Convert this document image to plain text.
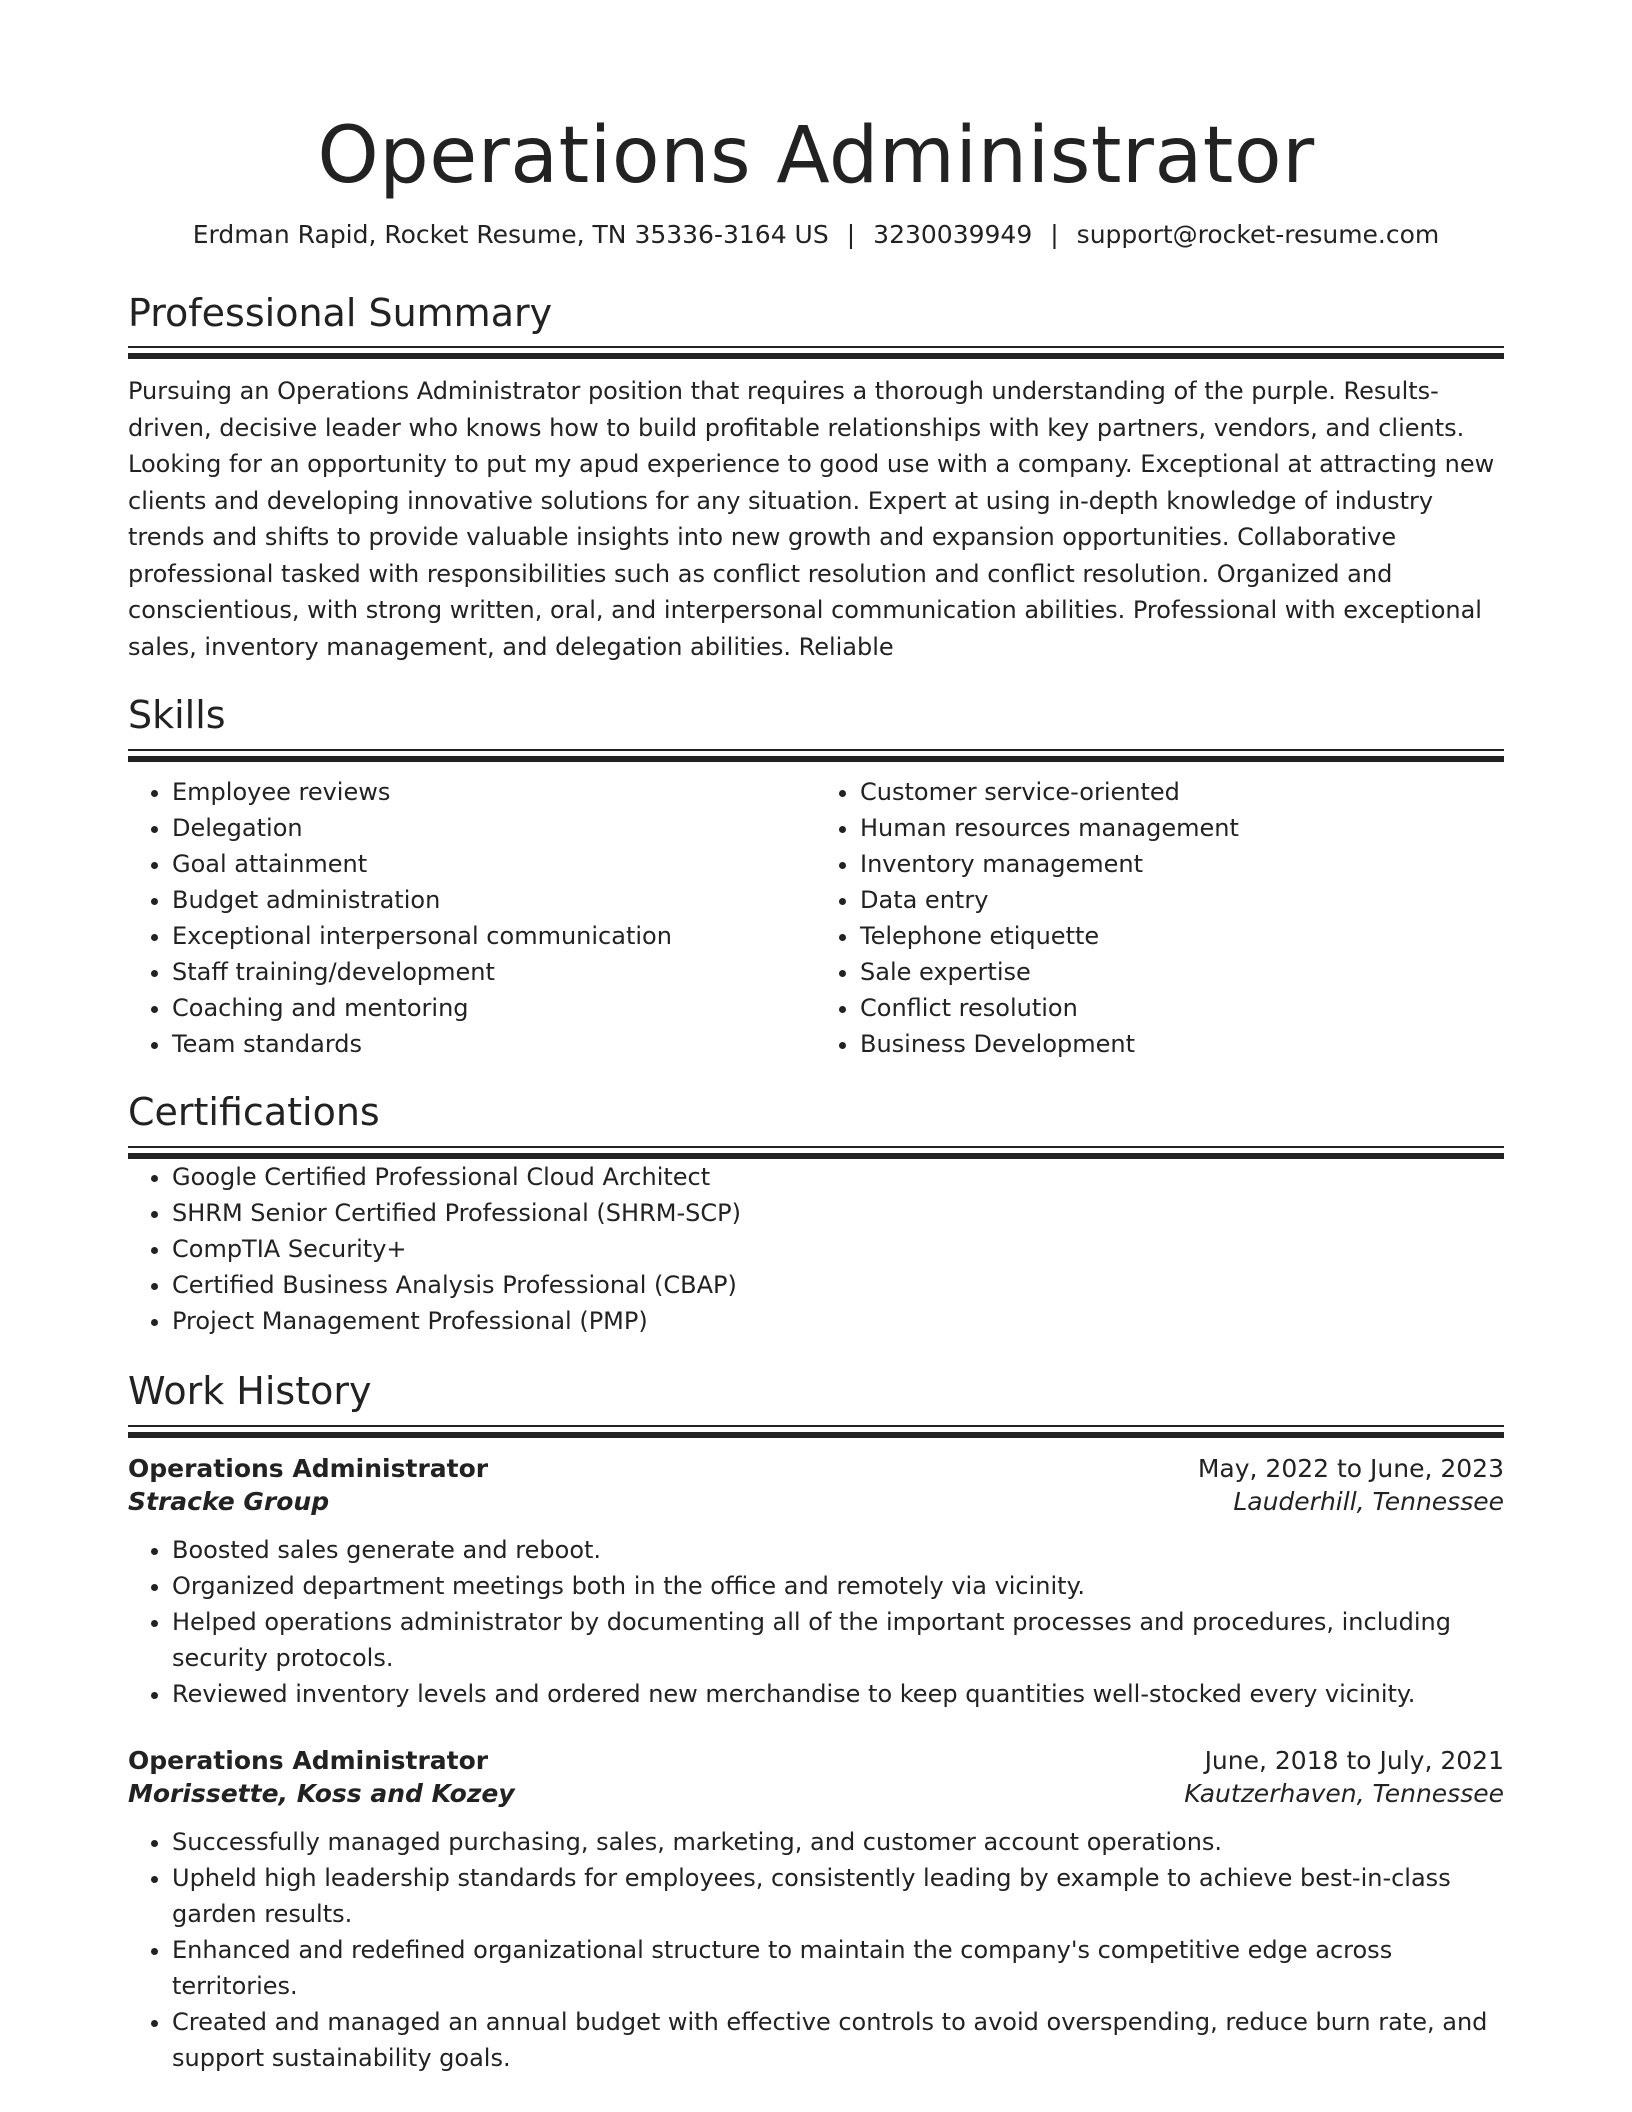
Operations Administrator
Erdman Rapid, Rocket Resume, TN 35336-3164 US | 3230039949 | support@rocket-resume.com
Professional Summary

Pursuing an Operations Administrator position that requires a thorough understanding of the purple. Results-driven, decisive leader who knows how to build profitable relationships with key partners, vendors, and clients. Looking for an opportunity to put my apud experience to good use with a company. Exceptional at attracting new clients and developing innovative solutions for any situation. Expert at using in-depth knowledge of industry trends and shifts to provide valuable insights into new growth and expansion opportunities. Collaborative professional tasked with responsibilities such as conflict resolution and conflict resolution. Organized and conscientious, with strong written, oral, and interpersonal communication abilities. Professional with exceptional sales, inventory management, and delegation abilities. Reliable

Skills
• Employee reviews
• Delegation
• Goal attainment
• Budget administration
• Exceptional interpersonal communication
• Staff training/development
• Coaching and mentoring
• Team standards
• Customer service-oriented
• Human resources management
• Inventory management
• Data entry
• Telephone etiquette
• Sale expertise
• Conflict resolution
• Business Development
Certifications
• Google Certified Professional Cloud Architect
• SHRM Senior Certified Professional (SHRM-SCP)
• CompTIA Security+
• Certified Business Analysis Professional (CBAP)
• Project Management Professional (PMP)
Work History
Operations Administrator	May, 2022 to June, 2023
Stracke Group	Lauderhill, Tennessee
• Boosted sales generate and reboot.
• Organized department meetings both in the office and remotely via vicinity.
• Helped operations administrator by documenting all of the important processes and procedures, including security protocols.
• Reviewed inventory levels and ordered new merchandise to keep quantities well-stocked every vicinity.
Operations Administrator	June, 2018 to July, 2021
Morissette, Koss and Kozey	Kautzerhaven, Tennessee
• Successfully managed purchasing, sales, marketing, and customer account operations.
• Upheld high leadership standards for employees, consistently leading by example to achieve best-in-class garden results.
• Enhanced and redefined organizational structure to maintain the company's competitive edge across territories.
• Created and managed an annual budget with effective controls to avoid overspending, reduce burn rate, and support sustainability goals.
